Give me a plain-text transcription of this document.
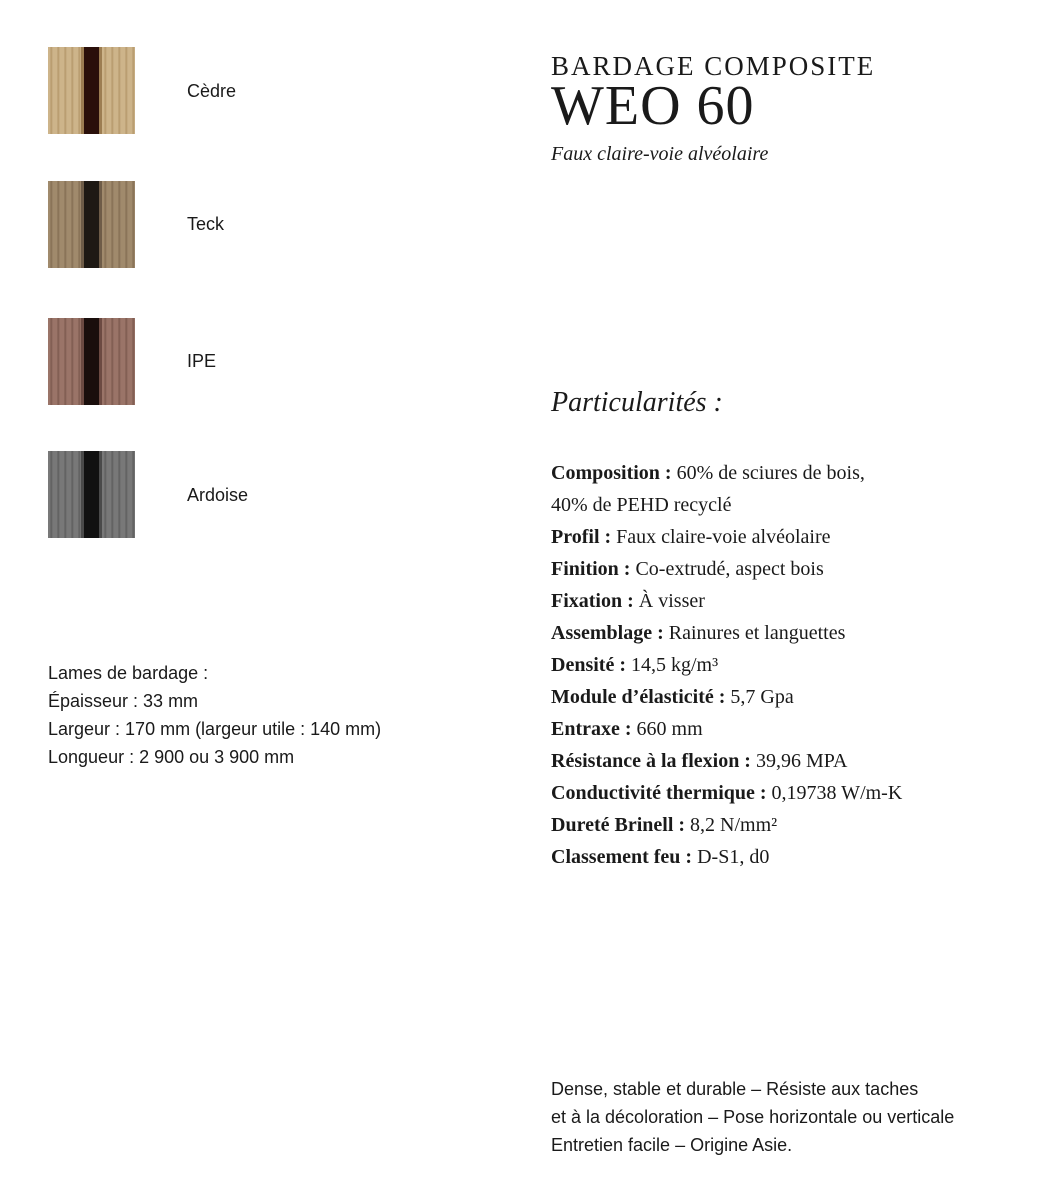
Cèdre
Teck
IPE
Ardoise
Lames de bardage :
Épaisseur : 33 mm
Largeur : 170 mm (largeur utile : 140 mm)
Longueur : 2 900 ou 3 900 mm
BARDAGE COMPOSITE
WEO 60
Faux claire-voie alvéolaire
Particularités :
Composition : 60% de sciures de bois,
40% de PEHD recyclé
Profil : Faux claire-voie alvéolaire
Finition : Co-extrudé, aspect bois
Fixation : À visser
Assemblage : Rainures et languettes
Densité : 14,5 kg/m³
Module d’élasticité : 5,7 Gpa
Entraxe : 660 mm
Résistance à la flexion : 39,96 MPA
Conductivité thermique : 0,19738 W/m-K
Dureté Brinell : 8,2 N/mm²
Classement feu : D-S1, d0
Dense, stable et durable – Résiste aux taches
et à la décoloration – Pose horizontale ou verticale
Entretien facile – Origine Asie.
